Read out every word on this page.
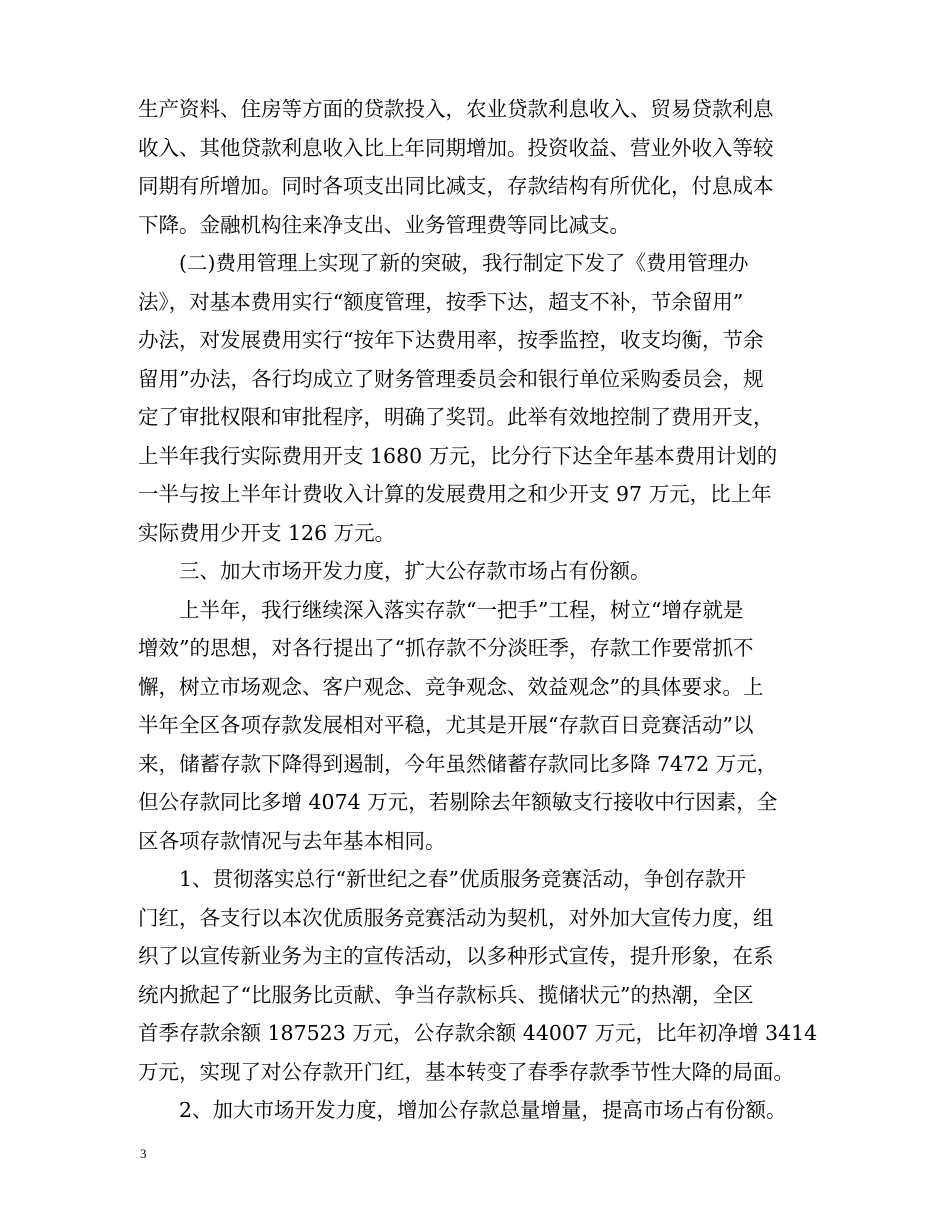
生产资料、住房等方面的贷款投入，农业贷款利息收入、贸易贷款利息
收入、其他贷款利息收入比上年同期增加。投资收益、营业外收入等较
同期有所增加。同时各项支出同比减支，存款结构有所优化，付息成本
下降。金融机构往来净支出、业务管理费等同比减支。
(二)费用管理上实现了新的突破，我行制定下发了《费用管理办
法》，对基本费用实行“额度管理，按季下达，超支不补，节余留用”
办法，对发展费用实行“按年下达费用率，按季监控，收支均衡，节余
留用”办法，各行均成立了财务管理委员会和银行单位采购委员会，规
定了审批权限和审批程序，明确了奖罚。此举有效地控制了费用开支，
上半年我行实际费用开支 1680 万元，比分行下达全年基本费用计划的
一半与按上半年计费收入计算的发展费用之和少开支 97 万元，比上年
实际费用少开支 126 万元。
三、加大市场开发力度，扩大公存款市场占有份额。
上半年，我行继续深入落实存款“一把手”工程，树立“增存就是
增效”的思想，对各行提出了“抓存款不分淡旺季，存款工作要常抓不
懈，树立市场观念、客户观念、竞争观念、效益观念”的具体要求。上
半年全区各项存款发展相对平稳，尤其是开展“存款百日竞赛活动”以
来，储蓄存款下降得到遏制，今年虽然储蓄存款同比多降 7472 万元，
但公存款同比多增 4074 万元，若剔除去年额敏支行接收中行因素，全
区各项存款情况与去年基本相同。
1、贯彻落实总行“新世纪之春”优质服务竞赛活动，争创存款开
门红，各支行以本次优质服务竞赛活动为契机，对外加大宣传力度，组
织了以宣传新业务为主的宣传活动，以多种形式宣传，提升形象，在系
统内掀起了“比服务比贡献、争当存款标兵、揽储状元”的热潮，全区
首季存款余额 187523 万元，公存款余额 44007 万元，比年初净增 3414
万元，实现了对公存款开门红，基本转变了春季存款季节性大降的局面。
2、加大市场开发力度，增加公存款总量增量，提高市场占有份额。
3
